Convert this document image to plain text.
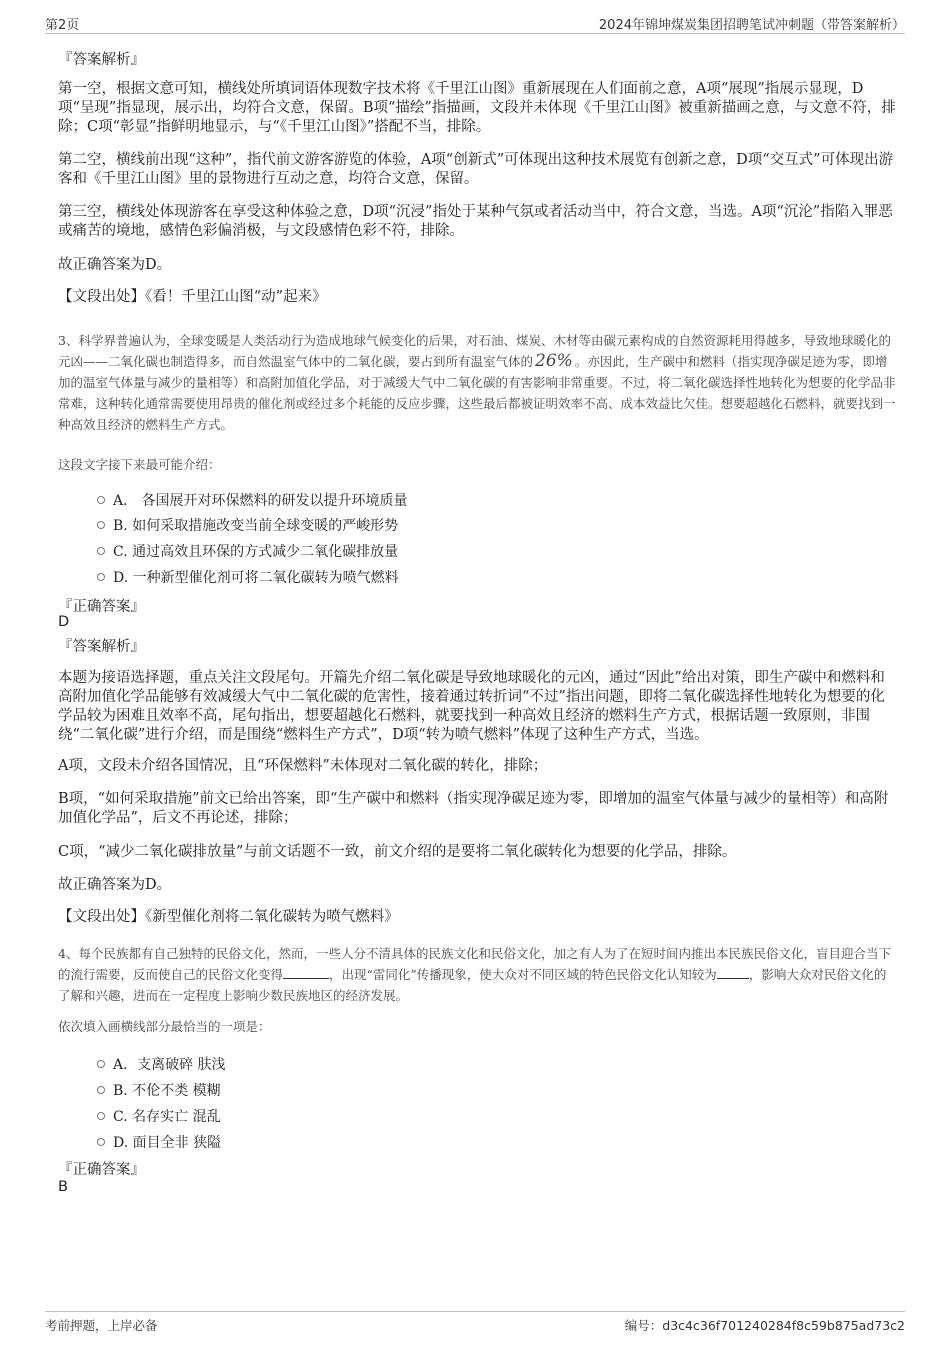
第2页	2024年锦坤煤炭集团招聘笔试冲刺题（带答案解析）
『答案解析』
第一空，根据文意可知，横线处所填词语体现数字技术将《千里江山图》重新展现在人们面前之意，A项“展现”指展示显现，D项“呈现”指显现，展示出，均符合文意，保留。B项“描绘”指描画，文段并未体现《千里江山图》被重新描画之意，与文意不符，排除；C项“彰显”指鲜明地显示，与“《千里江山图》”搭配不当，排除。
第二空，横线前出现“这种”，指代前文游客游览的体验，A项“创新式”可体现出这种技术展览有创新之意，D项“交互式”可体现出游客和《千里江山图》里的景物进行互动之意，均符合文意，保留。
第三空，横线处体现游客在享受这种体验之意，D项“沉浸”指处于某种气氛或者活动当中，符合文意，当选。A项“沉沦”指陷入罪恶或痛苦的境地，感情色彩偏消极，与文段感情色彩不符，排除。
故正确答案为D。
【文段出处】《看！千里江山图“动”起来》
3、科学界普遍认为，全球变暖是人类活动行为造成地球气候变化的后果，对石油、煤炭、木材等由碳元素构成的自然资源耗用得越多，导致地球暖化的元凶——二氧化碳也制造得多，而自然温室气体中的二氧化碳，要占到所有温室气体的 26% 。亦因此，生产碳中和燃料（指实现净碳足迹为零，即增加的温室气体量与减少的量相等）和高附加值化学品，对于减缓大气中二氧化碳的有害影响非常重要。不过，将二氧化碳选择性地转化为想要的化学品非常难，这种转化通常需要使用昂贵的催化剂或经过多个耗能的反应步骤，这些最后都被证明效率不高、成本效益比欠佳。想要超越化石燃料，就要找到一种高效且经济的燃料生产方式。
这段文字接下来最可能介绍：
A． 各国展开对环保燃料的研发以提升环境质量
B. 如何采取措施改变当前全球变暖的严峻形势
C. 通过高效且环保的方式减少二氧化碳排放量
D. 一种新型催化剂可将二氧化碳转为喷气燃料
『正确答案』
D
『答案解析』
本题为接语选择题，重点关注文段尾句。开篇先介绍二氧化碳是导致地球暖化的元凶，通过“因此”给出对策，即生产碳中和燃料和高附加值化学品能够有效减缓大气中二氧化碳的危害性，接着通过转折词“不过”指出问题，即将二氧化碳选择性地转化为想要的化学品较为困难且效率不高，尾句指出，想要超越化石燃料，就要找到一种高效且经济的燃料生产方式，根据话题一致原则，非围绕“二氧化碳”进行介绍，而是围绕“燃料生产方式”，D项“转为喷气燃料”体现了这种生产方式，当选。
A项，文段未介绍各国情况，且“环保燃料”未体现对二氧化碳的转化，排除；
B项，“如何采取措施”前文已给出答案，即“生产碳中和燃料（指实现净碳足迹为零，即增加的温室气体量与减少的量相等）和高附加值化学品”，后文不再论述，排除；
C项，“减少二氧化碳排放量”与前文话题不一致，前文介绍的是要将二氧化碳转化为想要的化学品，排除。
故正确答案为D。
【文段出处】《新型催化剂将二氧化碳转为喷气燃料》
4、每个民族都有自己独特的民俗文化，然而，一些人分不清具体的民族文化和民俗文化，加之有人为了在短时间内推出本民族民俗文化，盲目迎合当下的流行需要，反而使自己的民俗文化变得	，出现“雷同化”传播现象，使大众对不同区域的特色民俗文化认知较为	，影响大众对民俗文化的了解和兴趣，进而在一定程度上影响少数民族地区的经济发展。
依次填入画横线部分最恰当的一项是：
A．支离破碎 肤浅
B. 不伦不类 模糊
C. 名存实亡 混乱
D. 面目全非 狭隘
『正确答案』
B
考前押题，上岸必备	编号：d3c4c36f701240284f8c59b875ad73c2
